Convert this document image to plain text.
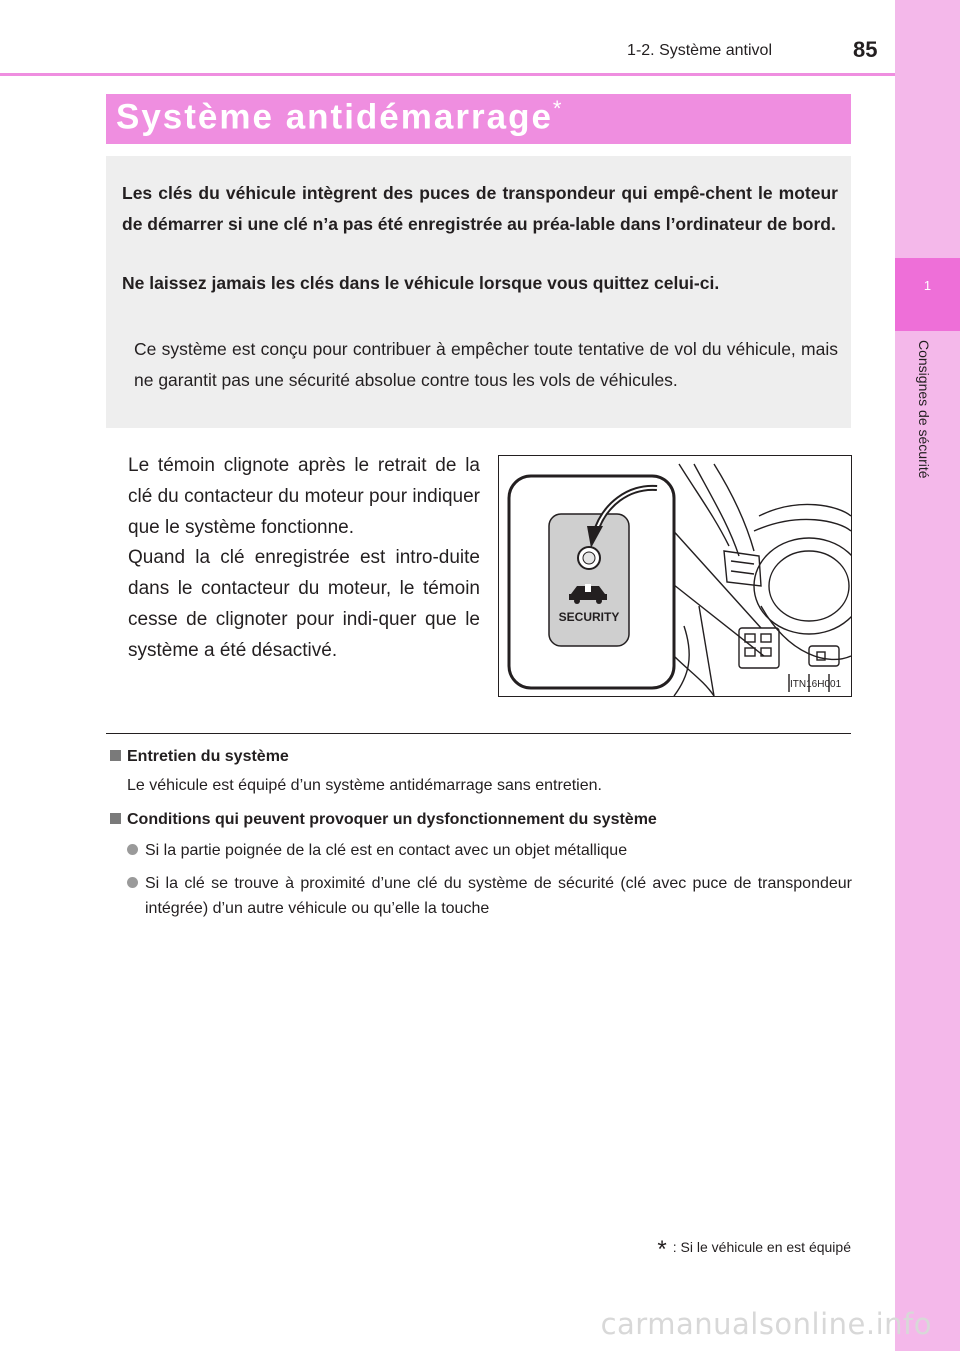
1-2. Système antivol	85
1
Consignes de sécurité
Système antidémarrage*

Les clés du véhicule intègrent des puces de transpondeur qui empê-chent le moteur de démarrer si une clé n’a pas été enregistrée au préa-lable dans l’ordinateur de bord.

Ne laissez jamais les clés dans le véhicule lorsque vous quittez celui-ci.

Ce système est conçu pour contribuer à empêcher toute tentative de vol du véhicule, mais ne garantit pas une sécurité absolue contre tous les vols de véhicules.

Le témoin clignote après le retrait de la clé du contacteur du moteur pour indiquer que le système fonctionne.

Quand la clé enregistrée est intro-duite dans le contacteur du moteur, le témoin cesse de clignoter pour indi-quer que le système a été désactivé.

SECURITY
ITN16H001
Entretien du système

Le véhicule est équipé d’un système antidémarrage sans entretien.

Conditions qui peuvent provoquer un dysfonctionnement du système
Si la partie poignée de la clé est en contact avec un objet métallique
Si la clé se trouve à proximité d’une clé du système de sécurité (clé avec puce de transpondeur intégrée) d’un autre véhicule ou qu’elle la touche
* : Si le véhicule en est équipé
carmanualsonline.info
